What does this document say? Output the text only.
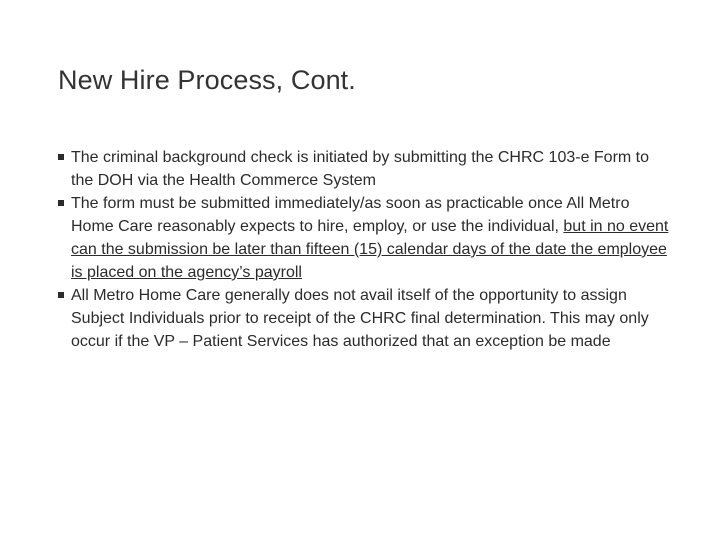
New Hire Process, Cont.
The criminal background check is initiated by submitting the CHRC 103-e Form to the DOH via the Health Commerce System
The form must be submitted immediately/as soon as practicable once All Metro Home Care reasonably expects to hire, employ, or use the individual, but in no event can the submission be later than fifteen (15) calendar days of the date the employee is placed on the agency’s payroll
All Metro Home Care generally does not avail itself of the opportunity to assign Subject Individuals prior to receipt of the CHRC final determination. This may only occur if the VP – Patient Services has authorized that an exception be made
